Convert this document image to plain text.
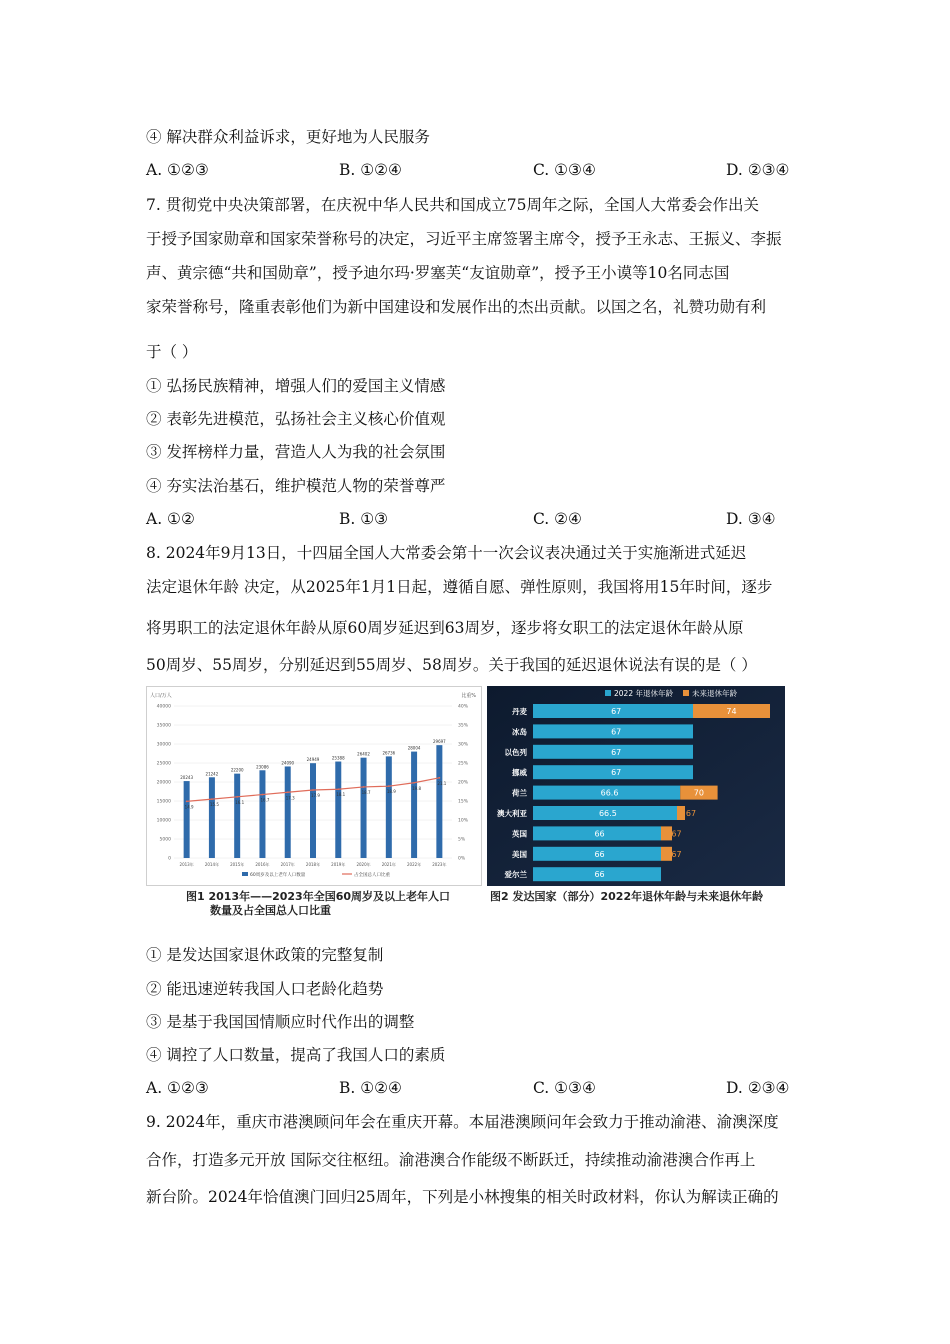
④ 解决群众利益诉求，更好地为人民服务
A. ①②③	B. ①②④	C. ①③④	D. ②③④
7. 贯彻党中央决策部署，在庆祝中华人民共和国成立75周年之际，全国人大常委会作出关
于授予国家勋章和国家荣誉称号的决定，习近平主席签署主席令，授予王永志、王振义、李振
声、黄宗德“共和国勋章”，授予迪尔玛·罗塞芙“友谊勋章”，授予王小谟等10名同志国
家荣誉称号，隆重表彰他们为新中国建设和发展作出的杰出贡献。以国之名，礼赞功勋有利
于（ ）
① 弘扬民族精神，增强人们的爱国主义情感
② 表彰先进模范，弘扬社会主义核心价值观
③ 发挥榜样力量，营造人人为我的社会氛围
④ 夯实法治基石，维护模范人物的荣誉尊严
A. ①②	B. ①③	C. ②④	D. ③④
8. 2024年9月13日，十四届全国人大常委会第十一次会议表决通过关于实施渐进式延迟
法定退休年龄 决定，从2025年1月1日起，遵循自愿、弹性原则，我国将用15年时间，逐步
将男职工的法定退休年龄从原60周岁延迟到63周岁，逐步将女职工的法定退休年龄从原
50周岁、55周岁，分别延迟到55周岁、58周岁。关于我国的延迟退休说法有误的是（ ）
20243
21242
22200
23086
24090
24949	25388
26402	26736
28004
29697
14.9	15.5	16.1	16.7	17.3	17.9	18.1	18.7	18.9
19.8
21.1
人口/万人	比重%
0	0%
5000	5%
10000	10%
15000	15%
20000	20%
25000	25%
30000	30%
35000	35%
40000	40%
2013年	2014年	2015年	2016年	2017年	2018年	2019年	2020年	2021年	2022年	2023年
60周岁及以上老年人口数量	占全国总人口比重
图1 2013年——2023年全国60周岁及以上老年人口
数量及占全国总人口比重
2022 年退休年龄	未来退休年龄
丹麦	67	74
冰岛	67
以色列	67
挪威	67
荷兰	66.6	70
澳大利亚	66.5	67
英国	66	67
美国	66	67
爱尔兰	66
图2 发达国家（部分）2022年退休年龄与未来退休年龄
① 是发达国家退休政策的完整复制
② 能迅速逆转我国人口老龄化趋势
③ 是基于我国国情顺应时代作出的调整
④ 调控了人口数量，提高了我国人口的素质
A. ①②③	B. ①②④	C. ①③④	D. ②③④
9. 2024年，重庆市港澳顾问年会在重庆开幕。本届港澳顾问年会致力于推动渝港、渝澳深度
合作，打造多元开放 国际交往枢纽。渝港澳合作能级不断跃迁，持续推动渝港澳合作再上
新台阶。2024年恰值澳门回归25周年，下列是小林搜集的相关时政材料，你认为解读正确的
